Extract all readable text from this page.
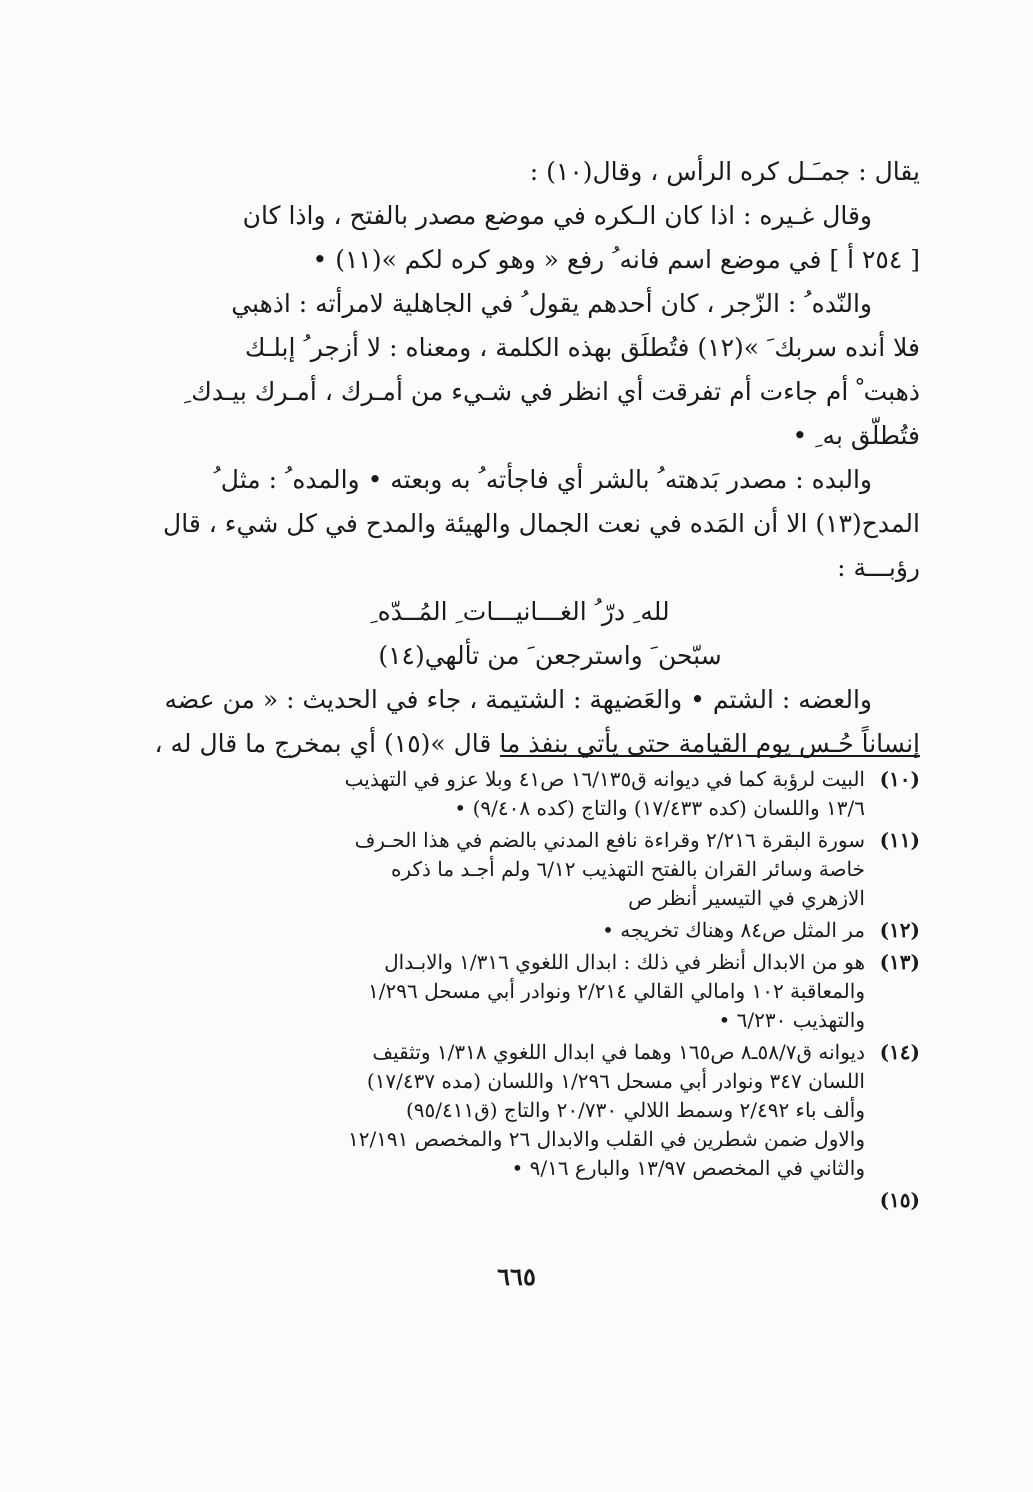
يقال : جمـَـل كره الرأس ، وقال(١٠) :
وقال غـيره : اذا كان الـكره في موضع مصدر بالفتح ، واذا كان
[ ٢٥٤ أ ] في موضع اسم فانه ُ رفع « وهو كره لكم »(١١) •
والنّده ُ : الزّجر ، كان أحدهم يقول ُ في الجاهلية لامرأته : اذهبي
فلا أنده سربك َ »(١٢) فتُطلَق بهذه الكلمة ، ومعناه : لا أزجر ُ إبلـك
ذهبت ْ أم جاءت أم تفرقت أي انظر في شـيء من أمـرك ، أمـرك بيـدك ِ
فتُطلّق به ِ •
والبده : مصدر بَدهته ُ بالشر أي فاجأته ُ به وبعته • والمده ُ : مثل ُ
المدح(١٣) الا أن المَده في نعت الجمال والهيئة والمدح في كل شيء ، قال
رؤبـــة :
لله ِ درّ ُ الغـــانيـــات ِ المُــدّه ِ
سبّحن َ واسترجعن َ من تألهي(١٤)
والعضه : الشتم • والعَضيهة : الشتيمة ، جاء في الحديث : « من عضه
إنساناً حُـس يوم القيامة حتى يأتي بنفذ ما قال »(١٥) أي بمخرج ما قال له ،
(١٠)
البيت لرؤبة كما في ديوانه ق١٦/١٣٥ ص٤١ وبلا عزو في التهذيب
١٣/٦ واللسان (كده ١٧/٤٣٣) والتاج (كده ٩/٤٠٨) •
(١١)
سورة البقرة ٢/٢١٦ وقراءة نافع المدني بالضم في هذا الحـرف
خاصة وسائر القران بالفتح التهذيب ٦/١٢ ولم أجـد ما ذكره
الازهري في التيسير أنظر ص
(١٢)
مر المثل ص٨٤ وهناك تخريجه •
(١٣)
هو من الابدال أنظر في ذلك : ابدال اللغوي ١/٣١٦ والابـدال
والمعاقبة ١٠٢ وامالي القالي ٢/٢١٤ ونوادر أبي مسحل ١/٢٩٦
والتهذيب ٦/٢٣٠ •
(١٤)
ديوانه ق٥٨/٧ـ٨ ص١٦٥ وهما في ابدال اللغوي ١/٣١٨ وتثقيف
اللسان ٣٤٧ ونوادر أبي مسحل ١/٢٩٦ واللسان (مده ١٧/٤٣٧)
وألف باء ٢/٤٩٢ وسمط اللالي ٢٠/٧٣٠ والتاج (ق٩٥/٤١١)
والاول ضمن شطرين في القلب والابدال ٢٦ والمخصص ١٢/١٩١
والثاني في المخصص ١٣/٩٧ والبارع ٩/١٦ •
(١٥)
٦٦٥
